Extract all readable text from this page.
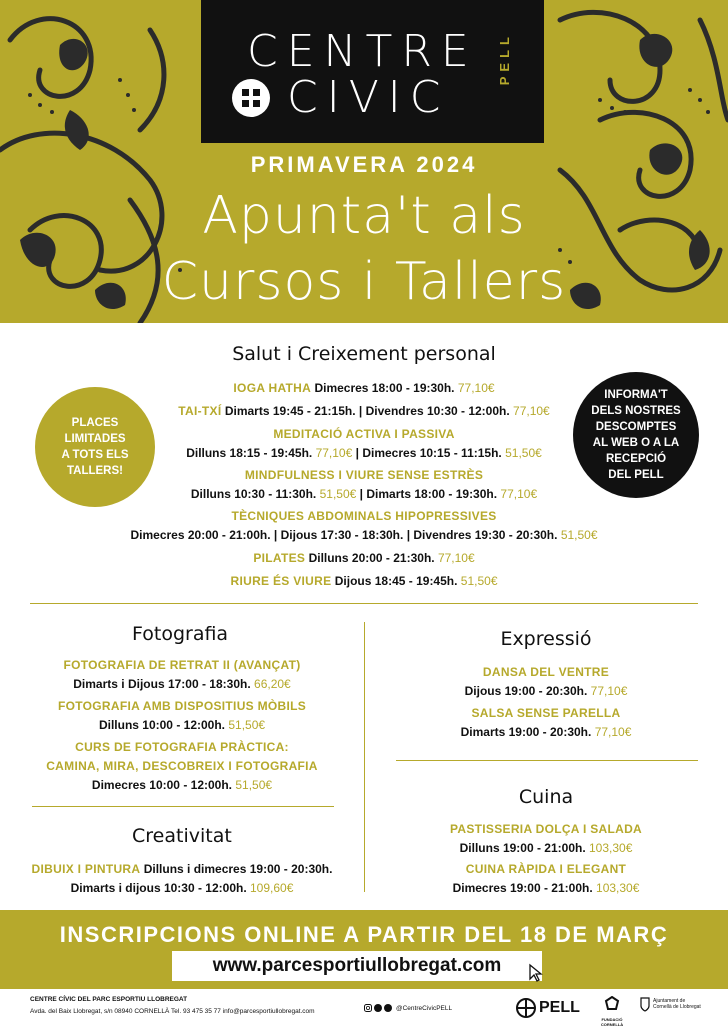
CENTRE
CIVIC
PELL
PRIMAVERA 2024
Apunta't als
Cursos i Tallers
PLACES
LIMITADES
A TOTS ELS
TALLERS!
INFORMA'T
DELS NOSTRES
DESCOMPTES
AL WEB O A LA
RECEPCIÓ
DEL PELL
Salut i Creixement personal
IOGA HATHA Dimecres 18:00 - 19:30h. 77,10€
TAI-TXÍ Dimarts 19:45 - 21:15h. | Divendres 10:30 - 12:00h. 77,10€
MEDITACIÓ ACTIVA I PASSIVA
Dilluns 18:15 - 19:45h. 77,10€ | Dimecres 10:15 - 11:15h. 51,50€
MINDFULNESS I VIURE SENSE ESTRÈS
Dilluns 10:30 - 11:30h. 51,50€ | Dimarts 18:00 - 19:30h. 77,10€
TÈCNIQUES ABDOMINALS HIPOPRESSIVES
Dimecres 20:00 - 21:00h. | Dijous 17:30 - 18:30h. | Divendres 19:30 - 20:30h. 51,50€
PILATES Dilluns 20:00 - 21:30h. 77,10€
RIURE ÉS VIURE Dijous 18:45 - 19:45h. 51,50€
Fotografia
FOTOGRAFIA DE RETRAT II (AVANÇAT)
Dimarts i Dijous 17:00 - 18:30h. 66,20€
FOTOGRAFIA AMB DISPOSITIUS MÒBILS
Dilluns 10:00 - 12:00h. 51,50€
CURS DE FOTOGRAFIA PRÀCTICA:
CAMINA, MIRA, DESCOBREIX I FOTOGRAFIA
Dimecres 10:00 - 12:00h. 51,50€
Creativitat
DIBUIX I PINTURA Dilluns i dimecres 19:00 - 20:30h.
Dimarts i dijous 10:30 - 12:00h. 109,60€
Expressió
DANSA DEL VENTRE
Dijous 19:00 - 20:30h. 77,10€
SALSA SENSE PARELLA
Dimarts 19:00 - 20:30h. 77,10€
Cuina
PASTISSERIA DOLÇA I SALADA
Dilluns 19:00 - 21:00h. 103,30€
CUINA RÀPIDA I ELEGANT
Dimecres 19:00 - 21:00h. 103,30€
INSCRIPCIONS ONLINE A PARTIR DEL 18 DE MARÇ
www.parcesportiullobregat.com
CENTRE CÍVIC DEL PARC ESPORTIU LLOBREGAT
Avda. del Baix Llobregat, s/n 08940 CORNELLÀ Tel. 93 475 35 77 info@parcesportiullobregat.com	@CentreCivicPELL	PELL
FUNDACIÓ CORNELLÀ
Ajuntament de
Cornellà de Llobregat
